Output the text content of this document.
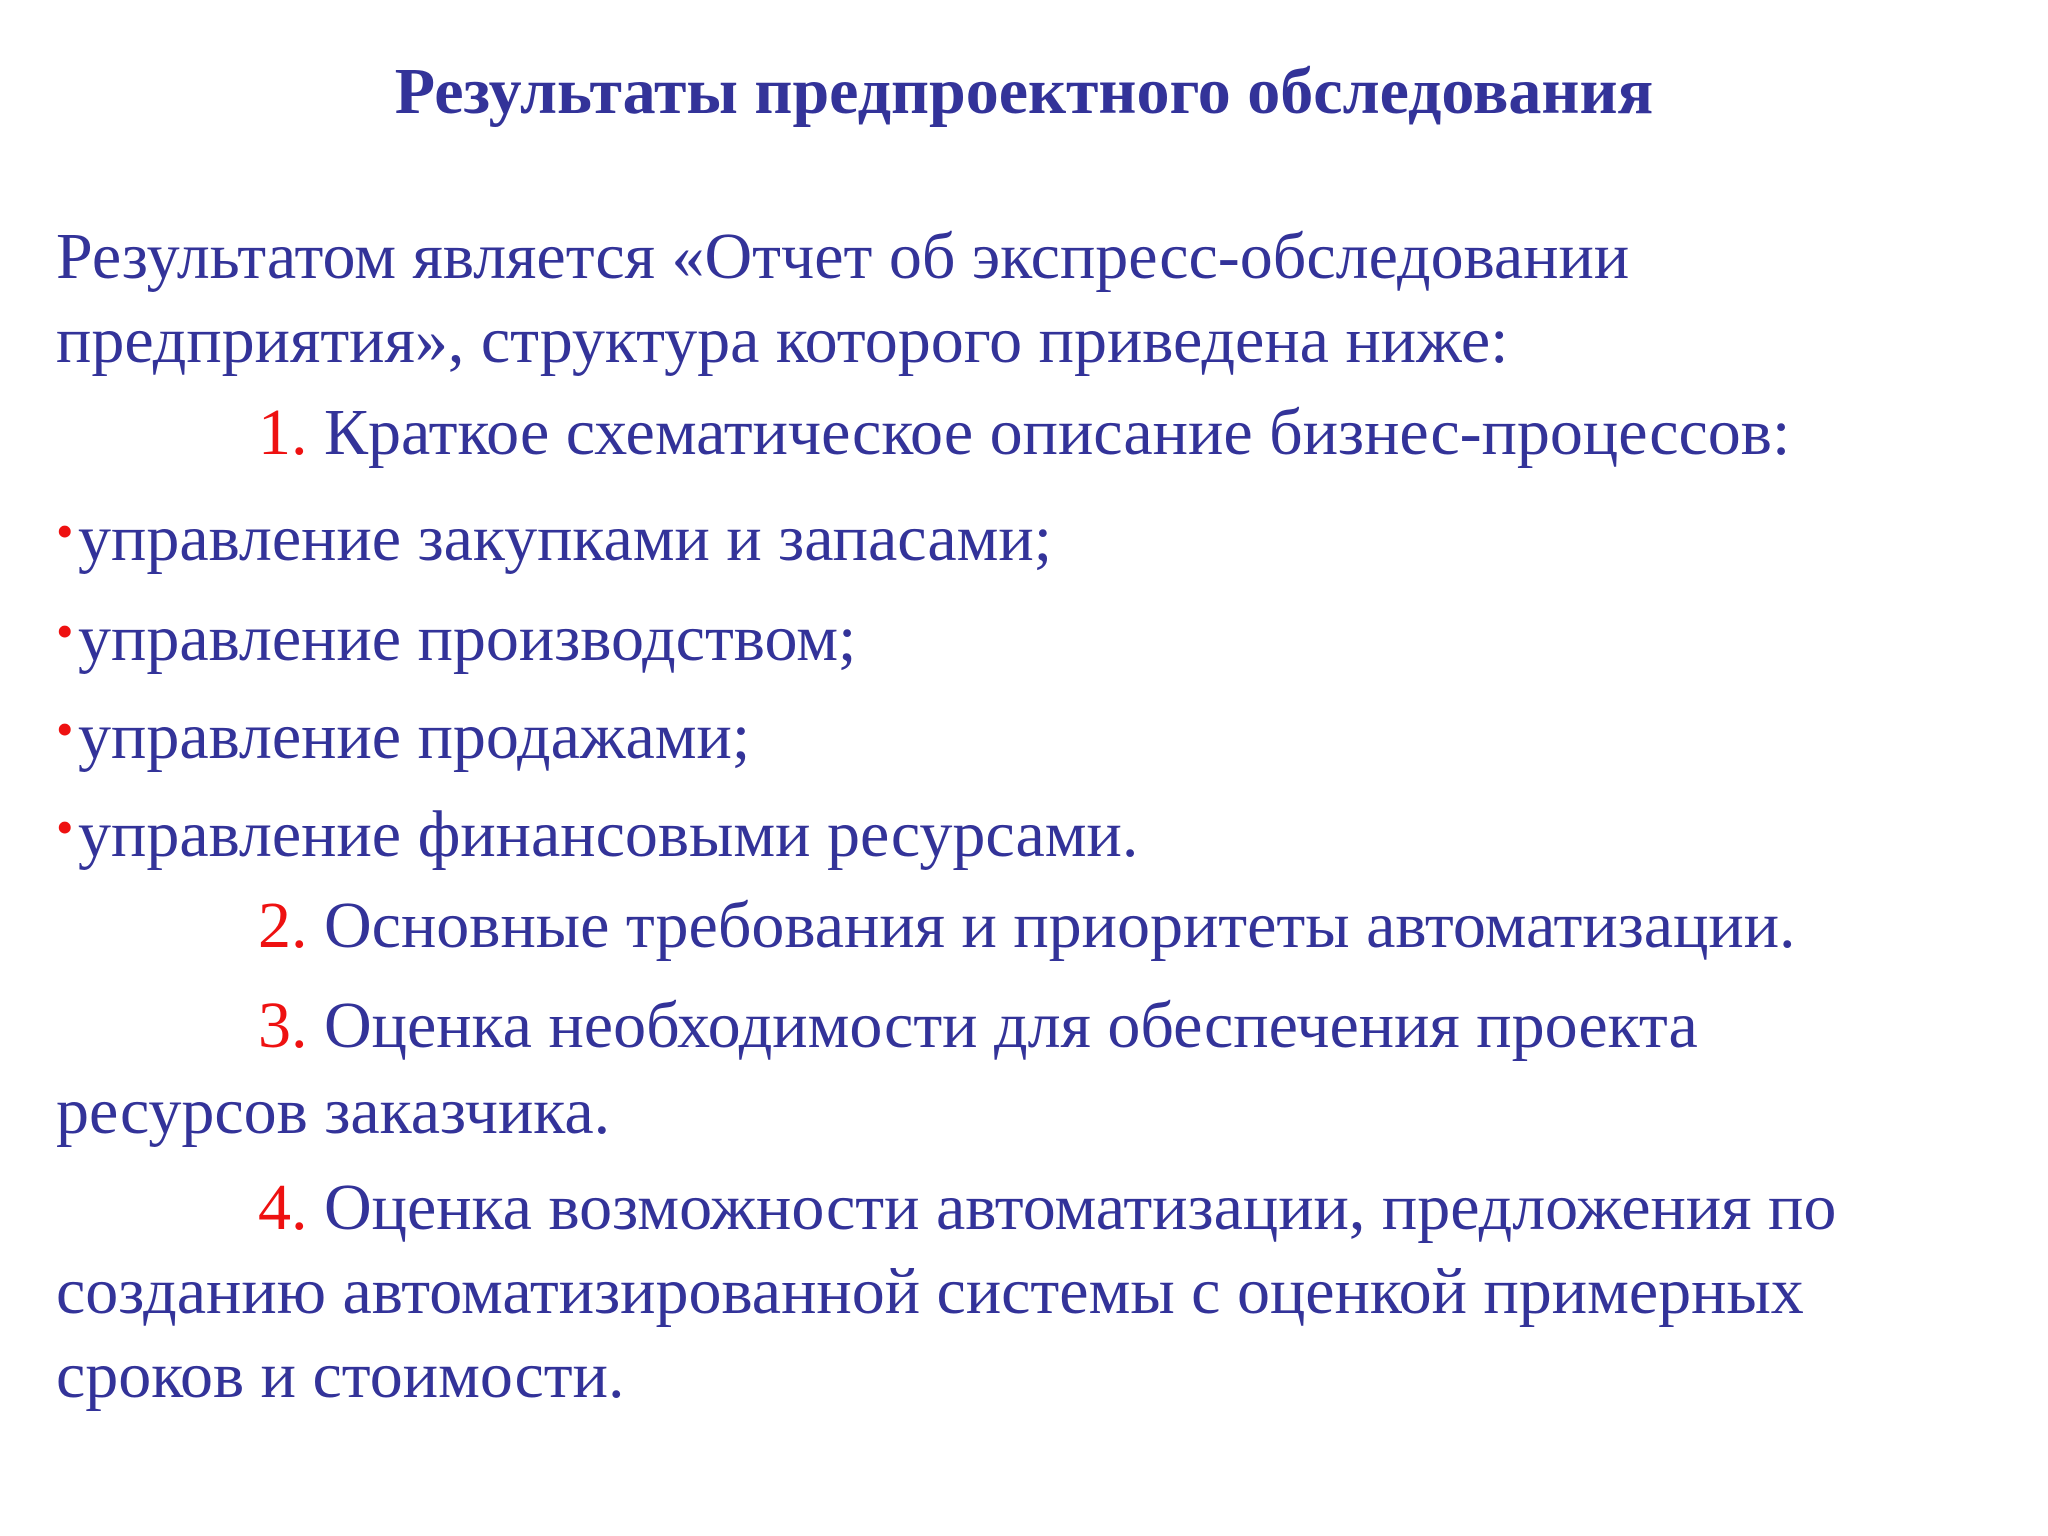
Результаты предпроектного обследования

Результатом является «Отчет об экспресс-обследовании

предприятия», структура которого приведена ниже:

1. Краткое схематическое описание бизнес-процессов:

•управление закупками и запасами;

•управление производством;

•управление продажами;

•управление финансовыми ресурсами.

2. Основные требования и приоритеты автоматизации.

3. Оценка необходимости для обеспечения проекта

ресурсов заказчика.

4. Оценка возможности автоматизации, предложения по

созданию автоматизированной системы с оценкой примерных

сроков и стоимости.
